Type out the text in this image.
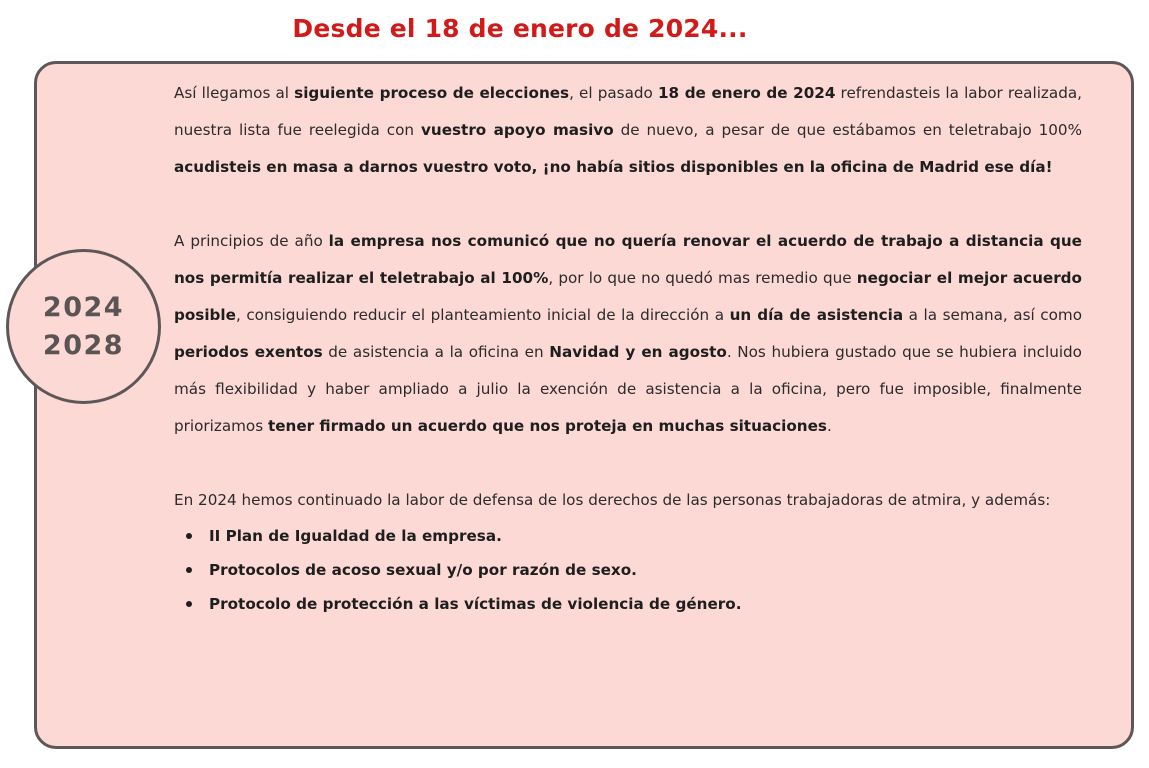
Desde el 18 de enero de 2024...

Así llegamos al siguiente proceso de elecciones, el pasado 18 de enero de 2024 refrendasteis la labor realizada, nuestra lista fue reelegida con vuestro apoyo masivo de nuevo, a pesar de que estábamos en teletrabajo 100% acudisteis en masa a darnos vuestro voto, ¡no había sitios disponibles en la oficina de Madrid ese día!

A principios de año la empresa nos comunicó que no quería renovar el acuerdo de trabajo a distancia que nos permitía realizar el teletrabajo al 100%, por lo que no quedó mas remedio que negociar el mejor acuerdo posible, consiguiendo reducir el planteamiento inicial de la dirección a un día de asistencia a la semana, así como periodos exentos de asistencia a la oficina en Navidad y en agosto. Nos hubiera gustado que se hubiera incluido más flexibilidad y haber ampliado a julio la exención de asistencia a la oficina, pero fue imposible, finalmente priorizamos tener firmado un acuerdo que nos proteja en muchas situaciones.

En 2024 hemos continuado la labor de defensa de los derechos de las personas trabajadoras de atmira, y además:

II Plan de Igualdad de la empresa.
Protocolos de acoso sexual y/o por razón de sexo.
Protocolo de protección a las víctimas de violencia de género.
2024
2028
